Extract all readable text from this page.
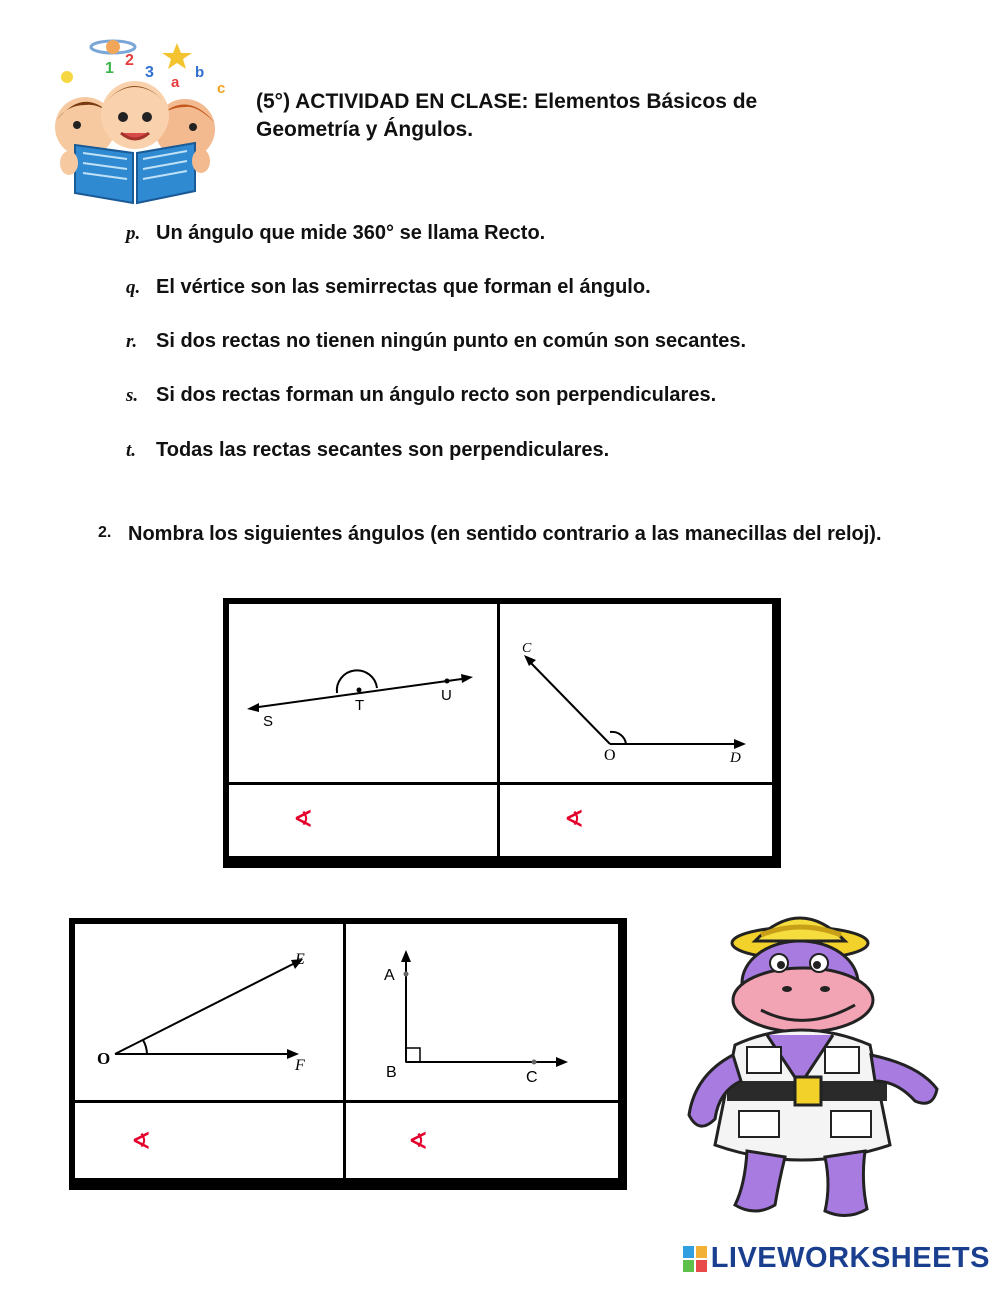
1 2
3
a
b
c
(5°) ACTIVIDAD EN CLASE: Elementos Básicos de
Geometría y Ángulos.
p. Un ángulo que mide 360° se llama Recto.
q. El vértice son las semirrectas que forman el ángulo.
r. Si dos rectas no tienen ningún punto en común son secantes.
s. Si dos rectas forman un ángulo recto son perpendiculares.
t. Todas las rectas secantes son perpendiculares.
2. Nombra los siguientes ángulos (en sentido contrario a las manecillas del reloj).
S
T
U
C
O	D
∢	∢
E
O	F
A
B	C
∢	∢
LIVEWORKSHEETS
